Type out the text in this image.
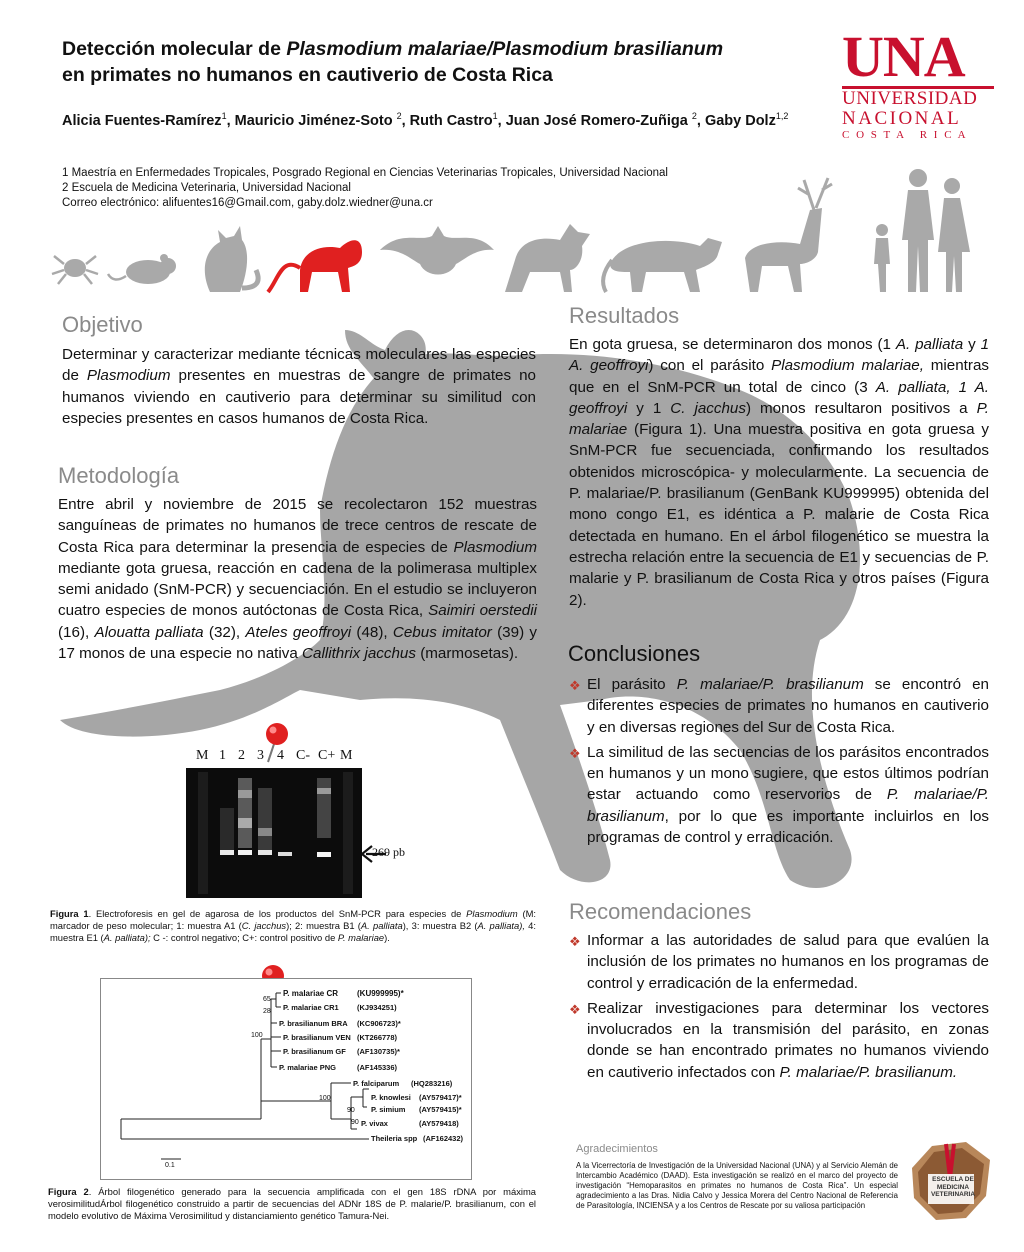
Detección molecular de Plasmodium malariae/Plasmodium brasilianum
en primates no humanos en cautiverio de Costa Rica
Alicia Fuentes-Ramírez$^1$, Mauricio Jiménez-Soto $^2$, Ruth Castro$^1$, Juan José Romero-Zuñiga $^2$, Gaby Dolz$^{1,2}$
1 Maestría en Enfermedades Tropicales, Posgrado Regional en Ciencias Veterinarias Tropicales, Universidad Nacional
2 Escuela de Medicina Veterinaria, Universidad Nacional
Correo electrónico: alifuentes16@Gmail.com, gaby.dolz.wiedner@una.cr
UNA
UNIVERSIDAD
NACIONAL
C O S T A   R I C A
Objetivo
Determinar y caracterizar mediante técnicas moleculares las especies de Plasmodium presentes en muestras de sangre de primates no humanos viviendo en cautiverio para determinar su similitud con especies presentes en casos humanos de Costa Rica.
Metodología
Entre abril y noviembre de 2015 se recolectaron 152 muestras sanguíneas de primates no humanos de trece centros de rescate de Costa Rica para determinar la presencia de especies de Plasmodium mediante gota gruesa, reacción en cadena de la polimerasa multiplex semi anidado (SnM-PCR) y secuenciación. En el estudio se incluyeron cuatro especies de monos autóctonas de Costa Rica, Saimiri oerstedii (16), Alouatta palliata (32), Ateles geoffroyi (48), Cebus imitator (39) y 17 monos de una especie no nativa Callithrix jacchus (marmosetas).
M 1 2 3 4 C- C+ M
269 pb
Figura 1. Electroforesis en gel de agarosa de los productos del SnM-PCR para especies de Plasmodium (M: marcador de peso molecular; 1: muestra A1 (C. jacchus); 2: muestra B1 (A. palliata), 3: muestra B2 (A. palliata), 4: muestra E1 (A. palliata); C -: control negativo; C+: control positivo de P. malariae).
65
28
100
100
90
90
P. malariae CR (KU999995)*
P. malariae CR1 (KJ934251)
P. brasilianum BRA (KC906723)*
P. brasilianum VEN (KT266778)
P. brasilianum GF (AF130735)*
P. malariae PNG	(AF145336)
P. falciparum (HQ283216)
P. knowlesi (AY579417)*
P. simium (AY579415)*
P. vivax	(AY579418)
Theileria spp (AF162432)
0.1
Figura 2. Árbol filogenético generado para la secuencia amplificada con el gen 18S rDNA por máxima verosimilitudÁrbol filogenético construido a partir de secuencias del ADNr 18S de P. malarie/P. brasilianum, con el modelo evolutivo de Máxima Verosimilitud y distanciamiento genético Tamura-Nei.
Resultados
En gota gruesa, se determinaron dos monos (1 A. palliata y 1 A. geoffroyi) con el parásito Plasmodium malariae, mientras que en el SnM-PCR un total de cinco (3 A. palliata, 1 A. geoffroyi y 1 C. jacchus) monos resultaron positivos a P. malariae (Figura 1). Una muestra positiva en gota gruesa y SnM-PCR fue secuenciada, confirmando los resultados obtenidos microscópica- y molecularmente. La secuencia de P. malariae/P. brasilianum (GenBank KU999995) obtenida del mono congo E1, es idéntica a P. malarie de Costa Rica detectada en humano. En el árbol filogenético se muestra la estrecha relación entre la secuencia de E1 y secuencias de P. malarie y P. brasilianum de Costa Rica y otros países (Figura 2).
Conclusiones
❖ El parásito P. malariae/P. brasilianum se encontró en diferentes especies de primates no humanos en cautiverio y en diversas regiones del Sur de Costa Rica.
❖ La similitud de las secuencias de los parásitos encontrados en humanos y un mono sugiere, que estos últimos podrían estar actuando como reservorios de P. malariae/P. brasilianum, por lo que es importante incluirlos en los programas de control y erradicación.
Recomendaciones
❖ Informar a las autoridades de salud para que evalúen la inclusión de los primates no humanos en los programas de control y erradicación de la enfermedad.
❖ Realizar investigaciones para determinar los vectores involucrados en la transmisión del parásito, en zonas donde se han encontrado primates no humanos viviendo en cautiverio infectados con P. malariae/P. brasilianum.
Agradecimientos
A la Vicerrectoría de Investigación de la Universidad Nacional (UNA) y al Servicio Alemán de Intercambio Académico (DAAD). Esta investigación se realizó en el marco del proyecto de investigación “Hemoparasitos en primates no humanos de Costa Rica”. Un especial agradecimiento a las Dras. Nidia Calvo y Jessica Morera del Centro Nacional de Referencia de Parasitología, INCIENSA y a los Centros de Rescate por su valiosa participación
ESCUELA DE
MEDICINA
VETERINARIA
